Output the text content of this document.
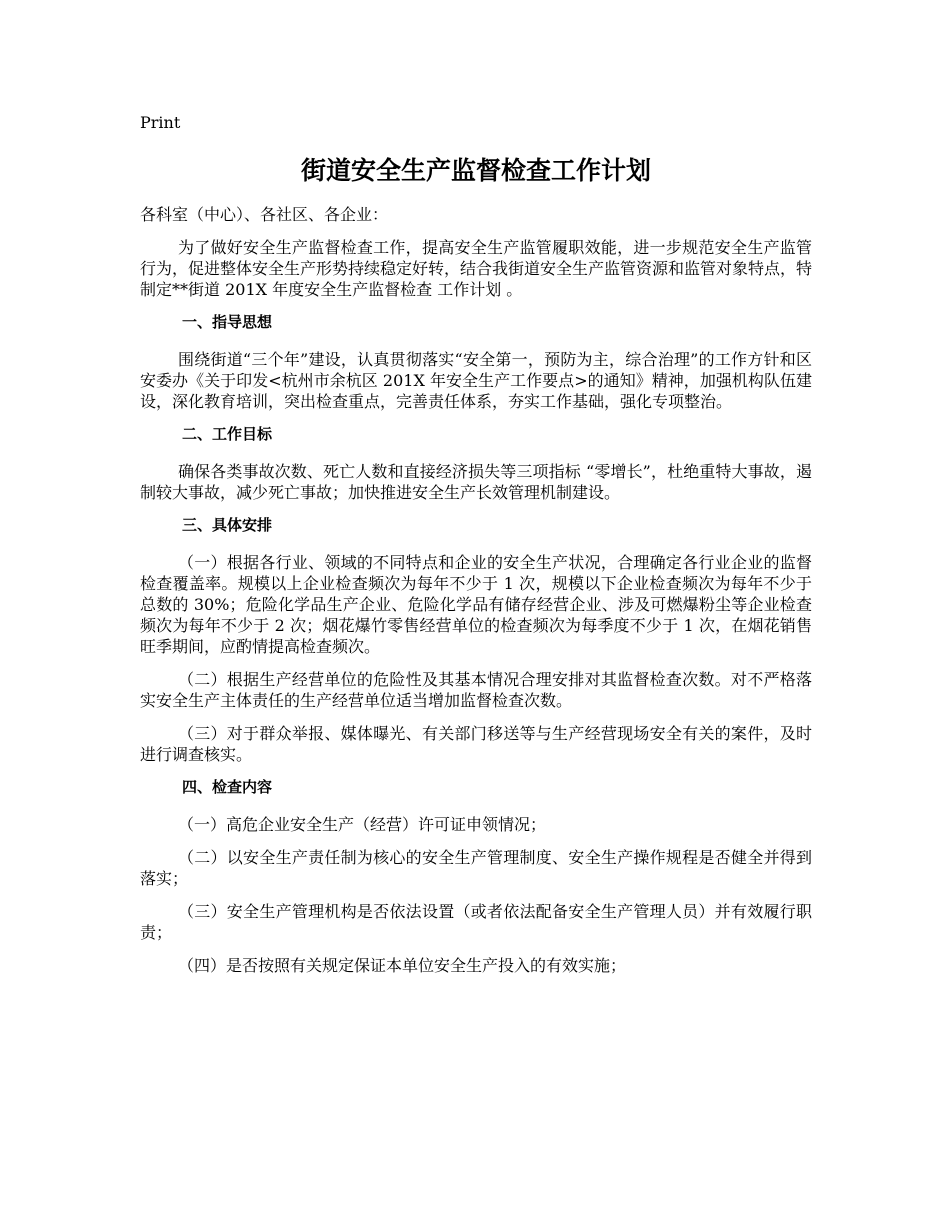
Print
街道安全生产监督检查工作计划

各科室（中心）、各社区、各企业：

为了做好安全生产监督检查工作，提高安全生产监管履职效能，进一步规范安全生产监管行为，促进整体安全生产形势持续稳定好转，结合我街道安全生产监管资源和监管对象特点，特制定**街道 201X 年度安全生产监督检查 工作计划 。

一、指导思想

围绕街道“三个年”建设，认真贯彻落实“安全第一，预防为主，综合治理”的工作方针和区安委办《关于印发<杭州市余杭区 201X 年安全生产工作要点>的通知》精神，加强机构队伍建设，深化教育培训，突出检查重点，完善责任体系，夯实工作基础，强化专项整治。

二、工作目标

确保各类事故次数、死亡人数和直接经济损失等三项指标 “零增长”，杜绝重特大事故，遏制较大事故，减少死亡事故；加快推进安全生产长效管理机制建设。

三、具体安排

（一）根据各行业、领域的不同特点和企业的安全生产状况，合理确定各行业企业的监督检查覆盖率。规模以上企业检查频次为每年不少于 1 次，规模以下企业检查频次为每年不少于总数的 30%；危险化学品生产企业、危险化学品有储存经营企业、涉及可燃爆粉尘等企业检查频次为每年不少于 2 次；烟花爆竹零售经营单位的检查频次为每季度不少于 1 次，在烟花销售旺季期间，应酌情提高检查频次。

（二）根据生产经营单位的危险性及其基本情况合理安排对其监督检查次数。对不严格落实安全生产主体责任的生产经营单位适当增加监督检查次数。

（三）对于群众举报、媒体曝光、有关部门移送等与生产经营现场安全有关的案件，及时进行调查核实。

四、检查内容

（一）高危企业安全生产（经营）许可证申领情况；

（二）以安全生产责任制为核心的安全生产管理制度、安全生产操作规程是否健全并得到落实；

（三）安全生产管理机构是否依法设置（或者依法配备安全生产管理人员）并有效履行职责；

（四）是否按照有关规定保证本单位安全生产投入的有效实施；
